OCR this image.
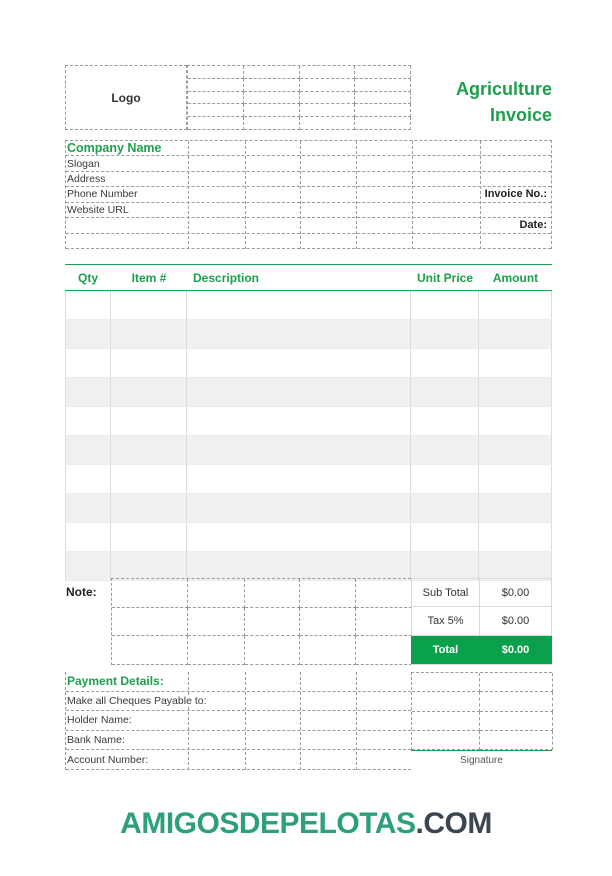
Logo	Agriculture
Invoice
Company Name
Slogan
Address
Phone Number	Invoice No.:
Website URL
Date:
Qty	Item #	Description	Unit Price	Amount
Note:	Sub Total	$0.00
Tax 5%	$0.00
Total	$0.00
Payment Details:
Make all Cheques Payable to:
Holder Name:
Bank Name:
Account Number:	Signature
AMIGOSDEPELOTAS.COM
